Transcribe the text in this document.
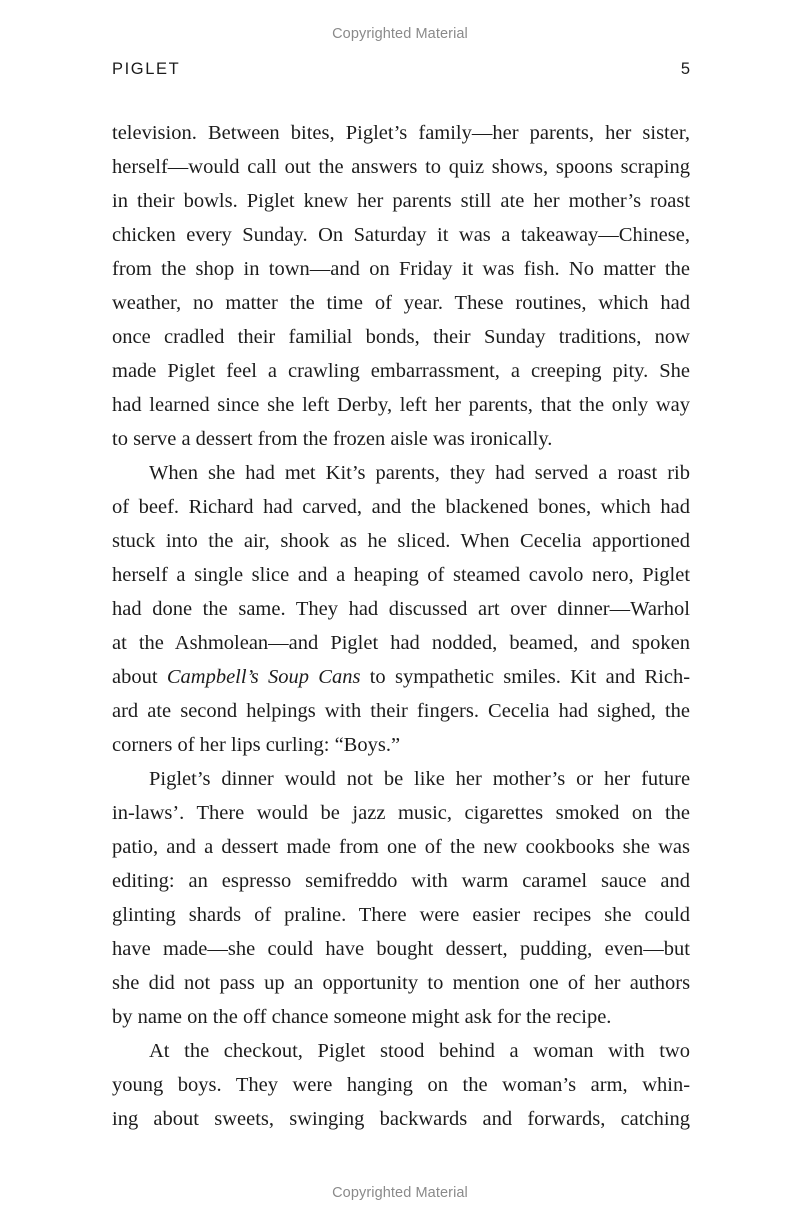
Copyrighted Material
PIGLET	5

television. Between bites, Piglet’s family—her parents, her sister,
herself—would call out the answers to quiz shows, spoons scraping
in their bowls. Piglet knew her parents still ate her mother’s roast
chicken every Sunday. On Saturday it was a takeaway—Chinese,
from the shop in town—and on Friday it was fish. No matter the
weather, no matter the time of year. These routines, which had
once cradled their familial bonds, their Sunday traditions, now
made Piglet feel a crawling embarrassment, a creeping pity. She
had learned since she left Derby, left her parents, that the only way
to serve a dessert from the frozen aisle was ironically.

When she had met Kit’s parents, they had served a roast rib
of beef. Richard had carved, and the blackened bones, which had
stuck into the air, shook as he sliced. When Cecelia apportioned
herself a single slice and a heaping of steamed cavolo nero, Piglet
had done the same. They had discussed art over dinner—Warhol
at the Ashmolean—and Piglet had nodded, beamed, and spoken
about Campbell’s Soup Cans to sympathetic smiles. Kit and Rich-
ard ate second helpings with their fingers. Cecelia had sighed, the
corners of her lips curling: “Boys.”

Piglet’s dinner would not be like her mother’s or her future
in-laws’. There would be jazz music, cigarettes smoked on the
patio, and a dessert made from one of the new cookbooks she was
editing: an espresso semifreddo with warm caramel sauce and
glinting shards of praline. There were easier recipes she could
have made—she could have bought dessert, pudding, even—but
she did not pass up an opportunity to mention one of her authors
by name on the off chance someone might ask for the recipe.

At the checkout, Piglet stood behind a woman with two
young boys. They were hanging on the woman’s arm, whin-
ing about sweets, swinging backwards and forwards, catching

Copyrighted Material
